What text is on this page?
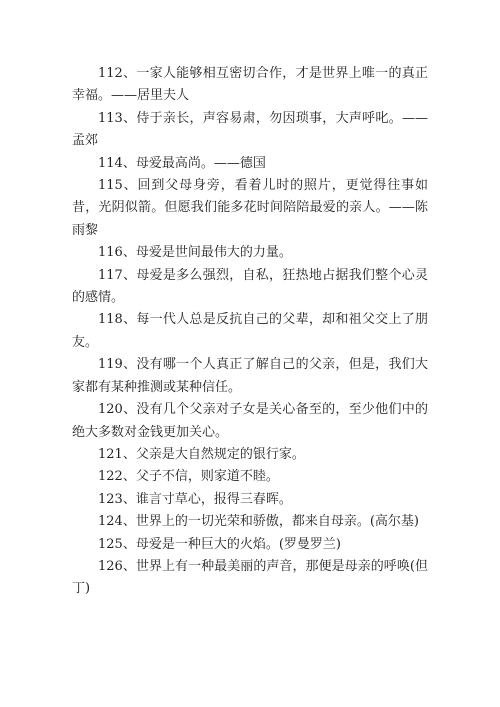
112、一家人能够相互密切合作，才是世界上唯一的真正幸福。——居里夫人

113、侍于亲长，声容易肃，勿因琐事，大声呼叱。——孟郊

114、母爱最高尚。——德国

115、回到父母身旁，看着儿时的照片，更觉得往事如昔，光阴似箭。但愿我们能多花时间陪陪最爱的亲人。——陈雨黎

116、母爱是世间最伟大的力量。

117、母爱是多么强烈，自私，狂热地占据我们整个心灵的感情。

118、每一代人总是反抗自己的父辈，却和祖父交上了朋友。

119、没有哪一个人真正了解自己的父亲，但是，我们大家都有某种推测或某种信任。

120、没有几个父亲对子女是关心备至的，至少他们中的绝大多数对金钱更加关心。

121、父亲是大自然规定的银行家。

122、父子不信，则家道不睦。

123、谁言寸草心，报得三春晖。

124、世界上的一切光荣和骄傲，都来自母亲。(高尔基)

125、母爱是一种巨大的火焰。(罗曼罗兰)

126、世界上有一种最美丽的声音，那便是母亲的呼唤(但丁)
